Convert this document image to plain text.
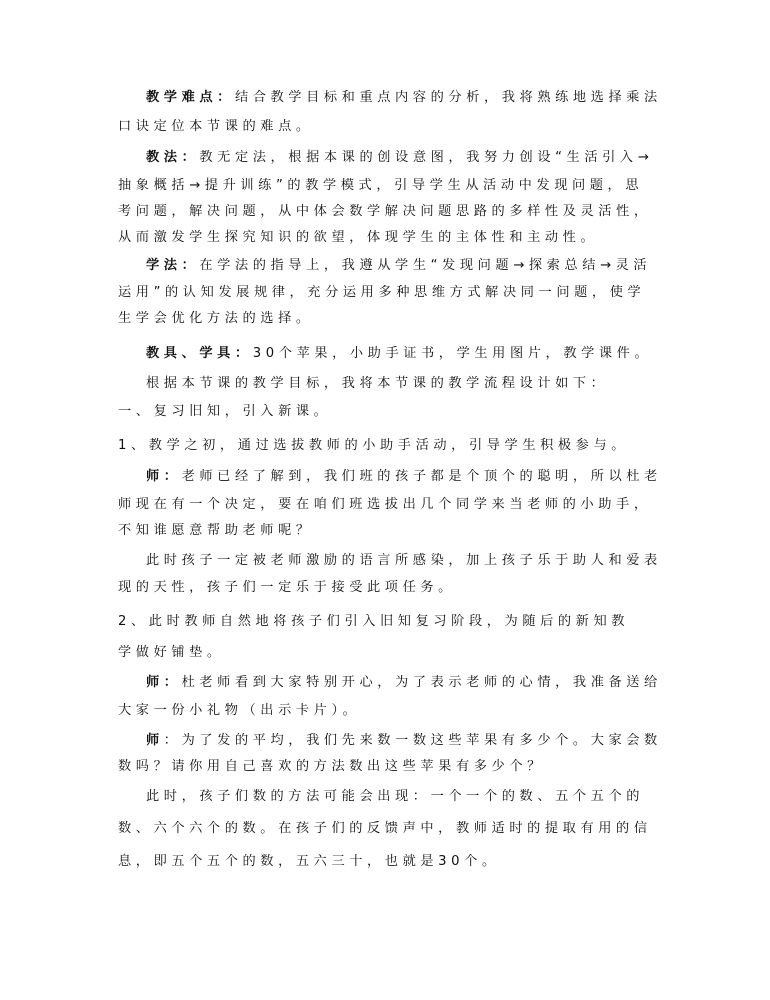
教学难点：结合教学目标和重点内容的分析，我将熟练地选择乘法
口诀定位本节课的难点。
教法：教无定法，根据本课的创设意图，我努力创设“生活引入→
抽象概括→提升训练”的教学模式，引导学生从活动中发现问题，思
考问题，解决问题，从中体会数学解决问题思路的多样性及灵活性，
从而激发学生探究知识的欲望，体现学生的主体性和主动性。
学法：在学法的指导上，我遵从学生“发现问题→探索总结→灵活
运用”的认知发展规律，充分运用多种思维方式解决同一问题，使学
生学会优化方法的选择。
教具、学具：30个苹果，小助手证书，学生用图片，教学课件。
根据本节课的教学目标，我将本节课的教学流程设计如下：
一、复习旧知，引入新课。
1、教学之初，通过选拔教师的小助手活动，引导学生积极参与。
师：老师已经了解到，我们班的孩子都是个顶个的聪明，所以杜老
师现在有一个决定，要在咱们班选拔出几个同学来当老师的小助手，
不知谁愿意帮助老师呢？
此时孩子一定被老师激励的语言所感染，加上孩子乐于助人和爱表
现的天性，孩子们一定乐于接受此项任务。
2、此时教师自然地将孩子们引入旧知复习阶段，为随后的新知教
学做好铺垫。
师：杜老师看到大家特别开心，为了表示老师的心情，我准备送给
大家一份小礼物（出示卡片）。
师：为了发的平均，我们先来数一数这些苹果有多少个。大家会数
数吗？请你用自己喜欢的方法数出这些苹果有多少个？
此时，孩子们数的方法可能会出现：一个一个的数、五个五个的
数、六个六个的数。在孩子们的反馈声中，教师适时的提取有用的信
息，即五个五个的数，五六三十，也就是30个。
